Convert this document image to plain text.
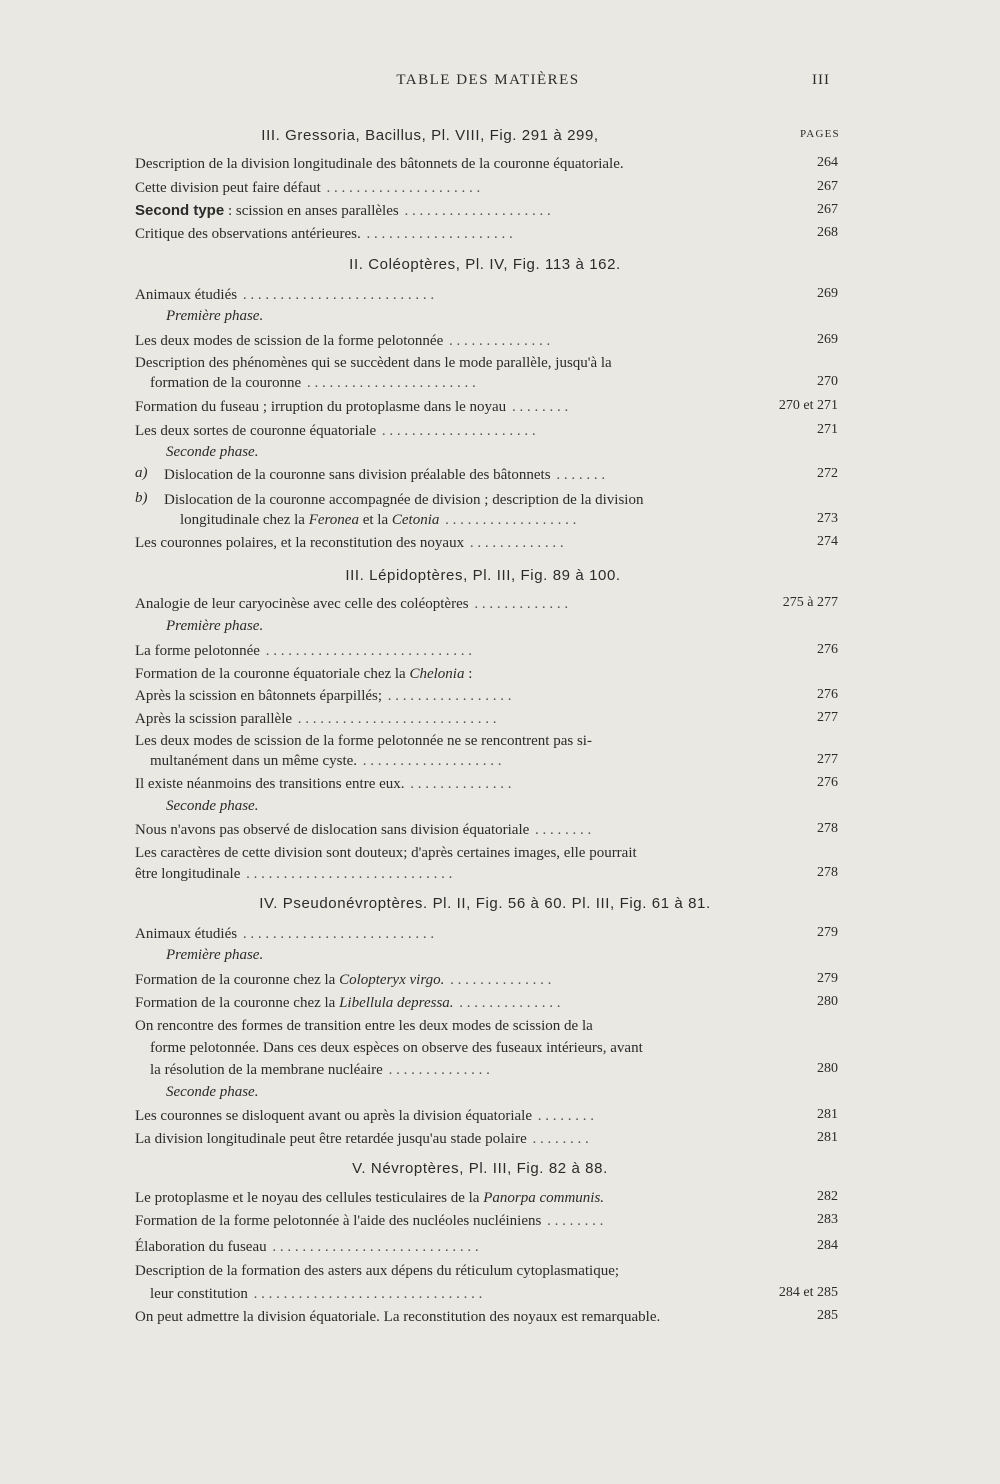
TABLE DES MATIÈRES	III
PAGES
III. Gressoria, Bacillus, Pl. VIII, Fig. 291 à 299,
Description de la division longitudinale des bâtonnets de la couronne équatoriale.	264
Cette division peut faire défaut . . . . . . . . . . . . . . . . . . . . .	267
Second type : scission en anses parallèles . . . . . . . . . . . . . . . . . . . .	267
Critique des observations antérieures. . . . . . . . . . . . . . . . . . . . .	268
II. Coléoptères, Pl. IV, Fig. 113 à 162.
Animaux étudiés . . . . . . . . . . . . . . . . . . . . . . . . . .	269
Première phase.
Les deux modes de scission de la forme pelotonnée . . . . . . . . . . . . . .	269
Description des phénomènes qui se succèdent dans le mode parallèle, jusqu'à la
formation de la couronne . . . . . . . . . . . . . . . . . . . . . . .	270
Formation du fuseau ; irruption du protoplasme dans le noyau . . . . . . . .	270 et 271
Les deux sortes de couronne équatoriale . . . . . . . . . . . . . . . . . . . . .	271
Seconde phase.
a) Dislocation de la couronne sans division préalable des bâtonnets . . . . . . .	272
b) Dislocation de la couronne accompagnée de division ; description de la division
longitudinale chez la Feronea et la Cetonia . . . . . . . . . . . . . . . . . .	273
Les couronnes polaires, et la reconstitution des noyaux . . . . . . . . . . . . .	274
III. Lépidoptères, Pl. III, Fig. 89 à 100.
Analogie de leur caryocinèse avec celle des coléoptères . . . . . . . . . . . . .	275 à 277
Première phase.
La forme pelotonnée . . . . . . . . . . . . . . . . . . . . . . . . . . . .	276
Formation de la couronne équatoriale chez la Chelonia :
Après la scission en bâtonnets éparpillés; . . . . . . . . . . . . . . . . .	276
Après la scission parallèle . . . . . . . . . . . . . . . . . . . . . . . . . . .	277
Les deux modes de scission de la forme pelotonnée ne se rencontrent pas si-
multanément dans un même cyste. . . . . . . . . . . . . . . . . . . .	277
Il existe néanmoins des transitions entre eux. . . . . . . . . . . . . . .	276
Seconde phase.
Nous n'avons pas observé de dislocation sans division équatoriale . . . . . . . .	278
Les caractères de cette division sont douteux; d'après certaines images, elle pourrait
être longitudinale . . . . . . . . . . . . . . . . . . . . . . . . . . . .	278
IV. Pseudonévroptères. Pl. II, Fig. 56 à 60. Pl. III, Fig. 61 à 81.
Animaux étudiés . . . . . . . . . . . . . . . . . . . . . . . . . .	279
Première phase.
Formation de la couronne chez la Colopteryx virgo. . . . . . . . . . . . . . .	279
Formation de la couronne chez la Libellula depressa. . . . . . . . . . . . . . .	280
On rencontre des formes de transition entre les deux modes de scission de la
forme pelotonnée. Dans ces deux espèces on observe des fuseaux intérieurs, avant
la résolution de la membrane nucléaire . . . . . . . . . . . . . .	280
Seconde phase.
Les couronnes se disloquent avant ou après la division équatoriale . . . . . . . .	281
La division longitudinale peut être retardée jusqu'au stade polaire . . . . . . . .	281
V. Névroptères, Pl. III, Fig. 82 à 88.
Le protoplasme et le noyau des cellules testiculaires de la Panorpa communis.	282
Formation de la forme pelotonnée à l'aide des nucléoles nucléiniens . . . . . . . .	283
Élaboration du fuseau . . . . . . . . . . . . . . . . . . . . . . . . . . . .	284
Description de la formation des asters aux dépens du réticulum cytoplasmatique;
leur constitution . . . . . . . . . . . . . . . . . . . . . . . . . . . . . . .	284 et 285
On peut admettre la division équatoriale. La reconstitution des noyaux est remarquable.	285
